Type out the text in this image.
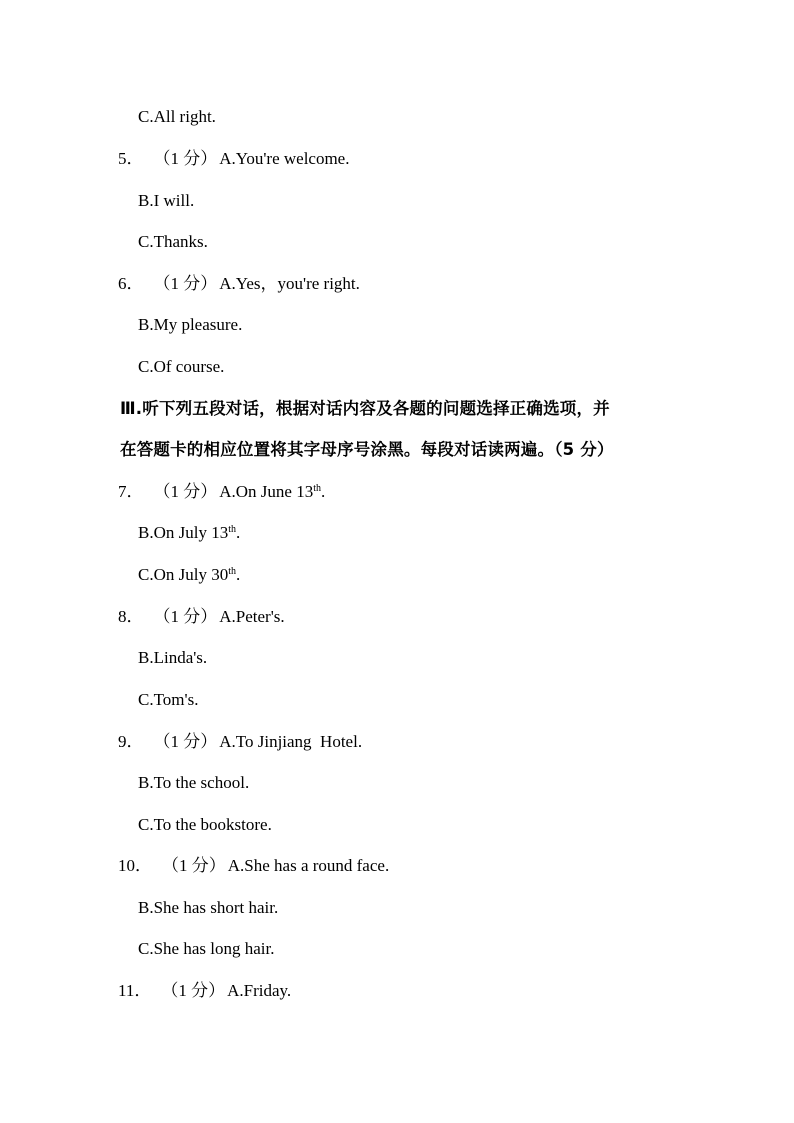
C.All right.
5． （1 分） A.You're welcome.
B.I will.
C.Thanks.
6． （1 分） A.Yes，you're right.
B.My pleasure.
C.Of course.
Ⅲ.听下列五段对话，根据对话内容及各题的问题选择正确选项，并
在答题卡的相应位置将其字母序号涂黑。每段对话读两遍。（5 分）
7． （1 分） A.On June 13th.
B.On July 13th.
C.On July 30th.
8． （1 分） A.Peter's.
B.Linda's.
C.Tom's.
9． （1 分） A.To Jinjiang  Hotel.
B.To the school.
C.To the bookstore.
10． （1 分） A.She has a round face.
B.She has short hair.
C.She has long hair.
11． （1 分） A.Friday.
